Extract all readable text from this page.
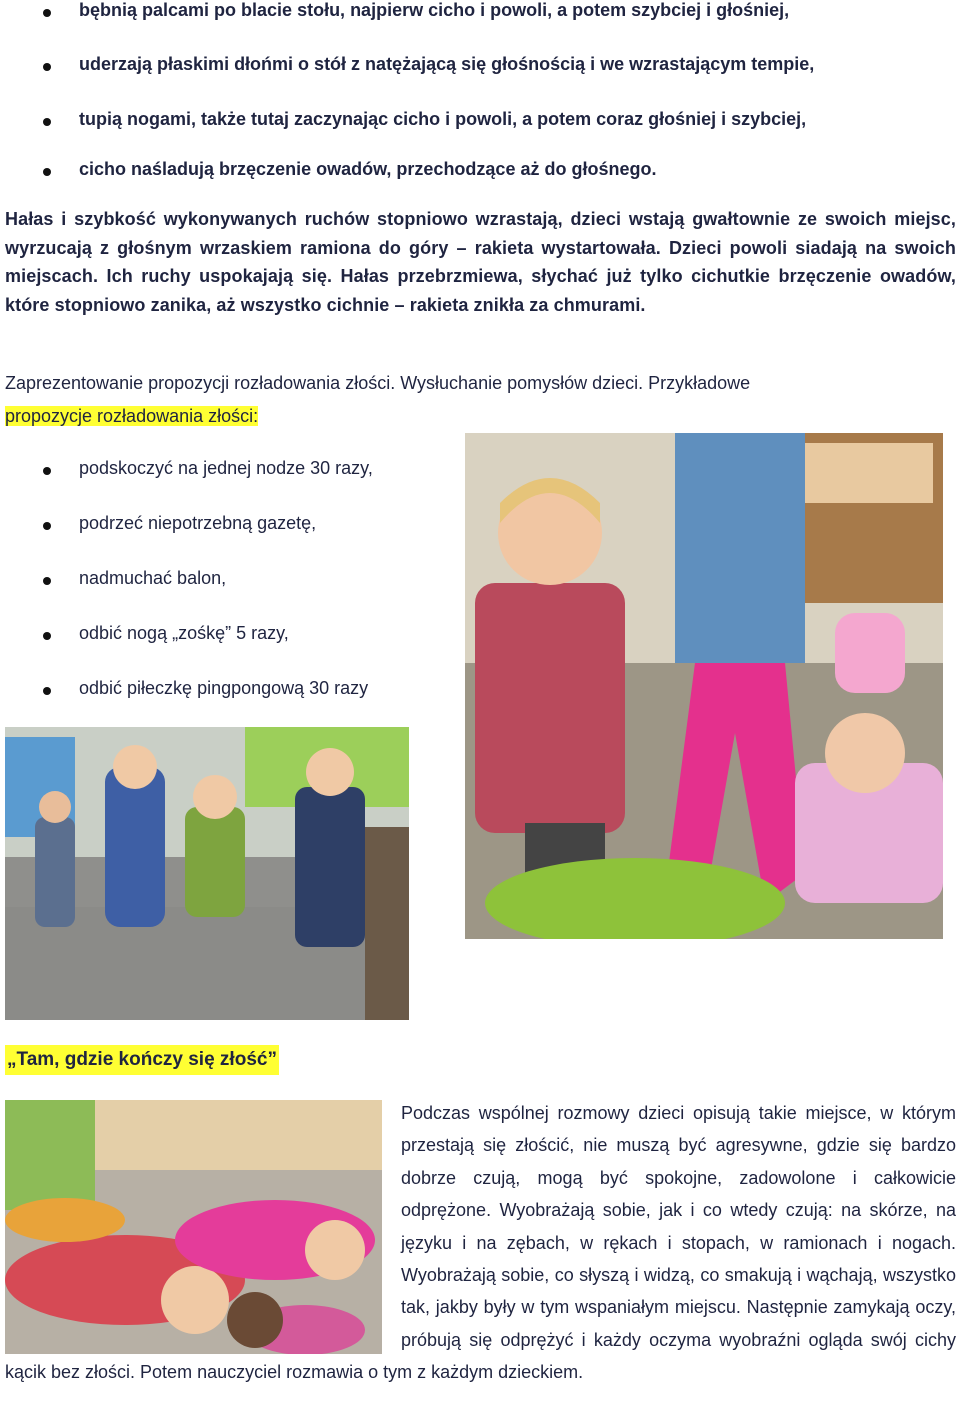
bębnią palcami po blacie stołu, najpierw cicho i powoli, a potem szybciej i głośniej,
uderzają płaskimi dłońmi o stół z natężającą się głośnością i we wzrastającym tempie,
tupią nogami, także tutaj zaczynając cicho i powoli, a potem coraz głośniej i szybciej,
cicho naśladują brzęczenie owadów, przechodzące aż do głośnego.

Hałas i szybkość wykonywanych ruchów stopniowo wzrastają, dzieci wstają gwałtownie ze swoich miejsc, wyrzucają z głośnym wrzaskiem ramiona do góry – rakieta wystartowała. Dzieci powoli siadają na swoich miejscach. Ich ruchy uspokajają się. Hałas przebrzmiewa, słychać już tylko cichutkie brzęczenie owadów, które stopniowo zanika, aż wszystko cichnie – rakieta znikła za chmurami.

Zaprezentowanie propozycji rozładowania złości. Wysłuchanie pomysłów dzieci. Przykładowe
propozycje rozładowania złości:

podskoczyć na jednej nodze 30 razy,
podrzeć niepotrzebną gazetę,
nadmuchać balon,
odbić nogą „zośkę” 5 razy,
odbić piłeczkę pingpongową 30 razy
„Tam, gdzie kończy się złość”

Podczas wspólnej rozmowy dzieci opisują takie miejsce, w którym przestają się złościć, nie muszą być agresywne, gdzie się bardzo dobrze czują, mogą być spokojne, zadowolone i całkowicie odprężone. Wyobrażają sobie, jak i co wtedy czują: na skórze, na języku i na zębach, w rękach i stopach, w ramionach i nogach. Wyobrażają sobie, co słyszą i widzą, co smakują i wąchają, wszystko tak, jakby były w tym wspaniałym miejscu. Następnie zamykają oczy, próbują się odprężyć i każdy oczyma wyobraźni ogląda swój cichy kącik bez złości. Potem nauczyciel rozmawia o tym z każdym dzieckiem.
